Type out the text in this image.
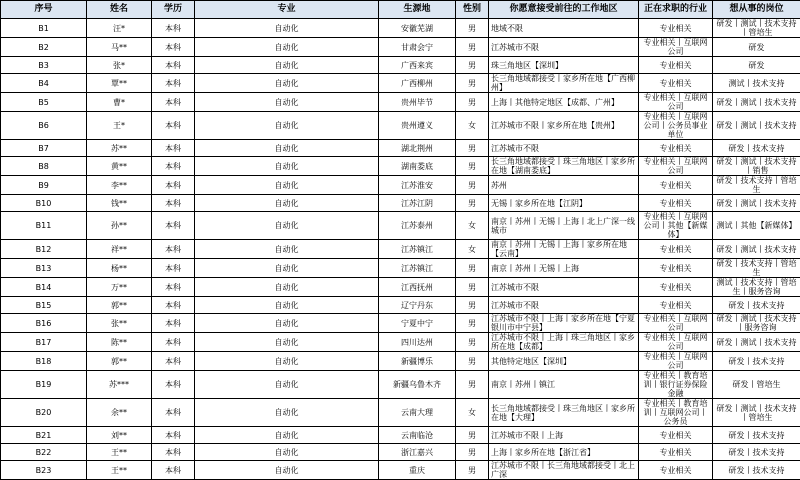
序号	姓名	学历	专业	生源地	性别	你愿意接受前往的工作地区	正在求职的行业	想从事的岗位
B1	汪*	本科	自动化	安徽芜湖	男	地域不限	专业相关	研发丨测试丨技术支持丨管培生
B2	马**	本科	自动化	甘肃会宁	男	江苏城市不限	专业相关丨互联网公司	研发
B3	张*	本科	自动化	广西来宾	男	珠三角地区【深圳】	专业相关	研发
B4	覃**	本科	自动化	广西柳州	男	长三角地域都接受丨家乡所在地【广西柳州】	专业相关	测试丨技术支持
B5	曹*	本科	自动化	贵州毕节	男	上海丨其他特定地区【成都、广州】	专业相关丨互联网公司	研发丨测试丨技术支持
B6	王*	本科	自动化	贵州遵义	女	江苏城市不限丨家乡所在地【贵州】	专业相关丨互联网公司丨公务员事业单位	研发丨测试丨技术支持
B7	苏**	本科	自动化	湖北荆州	男	江苏城市不限	专业相关	研发丨技术支持
B8	黄**	本科	自动化	湖南娄底	男	长三角地域都接受丨珠三角地区丨家乡所在地【湖南娄底】	专业相关丨互联网公司	研发丨测试丨技术支持丨销售
B9	李**	本科	自动化	江苏淮安	男	苏州	专业相关	研发丨技术支持丨管培生
B10	钱**	本科	自动化	江苏江阴	男	无锡丨家乡所在地【江阴】	专业相关	研发丨测试丨技术支持
B11	孙**	本科	自动化	江苏泰州	女	南京丨苏州丨无锡丨上海丨北上广深一线城市	专业相关丨互联网公司丨其他【新媒体】	测试丨其他【新媒体】
B12	祥**	本科	自动化	江苏镇江	女	南京丨苏州丨无锡丨上海丨家乡所在地【云南】	专业相关	研发丨测试丨技术支持
B13	杨**	本科	自动化	江苏镇江	男	南京丨苏州丨无锡丨上海	专业相关	研发丨技术支持丨管培生
B14	万**	本科	自动化	江西抚州	男	江苏城市不限	专业相关	测试丨技术支持丨管培生丨服务咨询
B15	郭**	本科	自动化	辽宁丹东	男	江苏城市不限	专业相关	研发丨技术支持
B16	张**	本科	自动化	宁夏中宁	男	江苏城市不限丨上海丨家乡所在地【宁夏银川市中宁县】	专业相关丨互联网公司	研发丨测试丨技术支持丨服务咨询
B17	陈**	本科	自动化	四川达州	男	江苏城市不限丨上海丨珠三角地区丨家乡所在地【成都】	专业相关丨互联网公司	研发丨测试丨技术支持
B18	郭**	本科	自动化	新疆博乐	男	其他特定地区【深圳】	专业相关丨互联网公司	研发丨技术支持
B19	苏***	本科	自动化	新疆乌鲁木齐	男	南京丨苏州丨镇江	专业相关丨教育培训丨银行证券保险金融	研发丨管培生
B20	余**	本科	自动化	云南大理	女	长三角地域都接受丨珠三角地区丨家乡所在地【大理】	专业相关丨教育培训丨互联网公司丨公务员	研发丨测试丨技术支持丨管培生
B21	刘**	本科	自动化	云南临沧	男	江苏城市不限丨上海	专业相关	研发丨技术支持
B22	王**	本科	自动化	浙江嘉兴	男	上海丨家乡所在地【浙江省】	专业相关	研发丨技术支持
B23	王**	本科	自动化	重庆	男	江苏城市不限丨长三角地域都接受丨北上广深	专业相关	研发丨技术支持
